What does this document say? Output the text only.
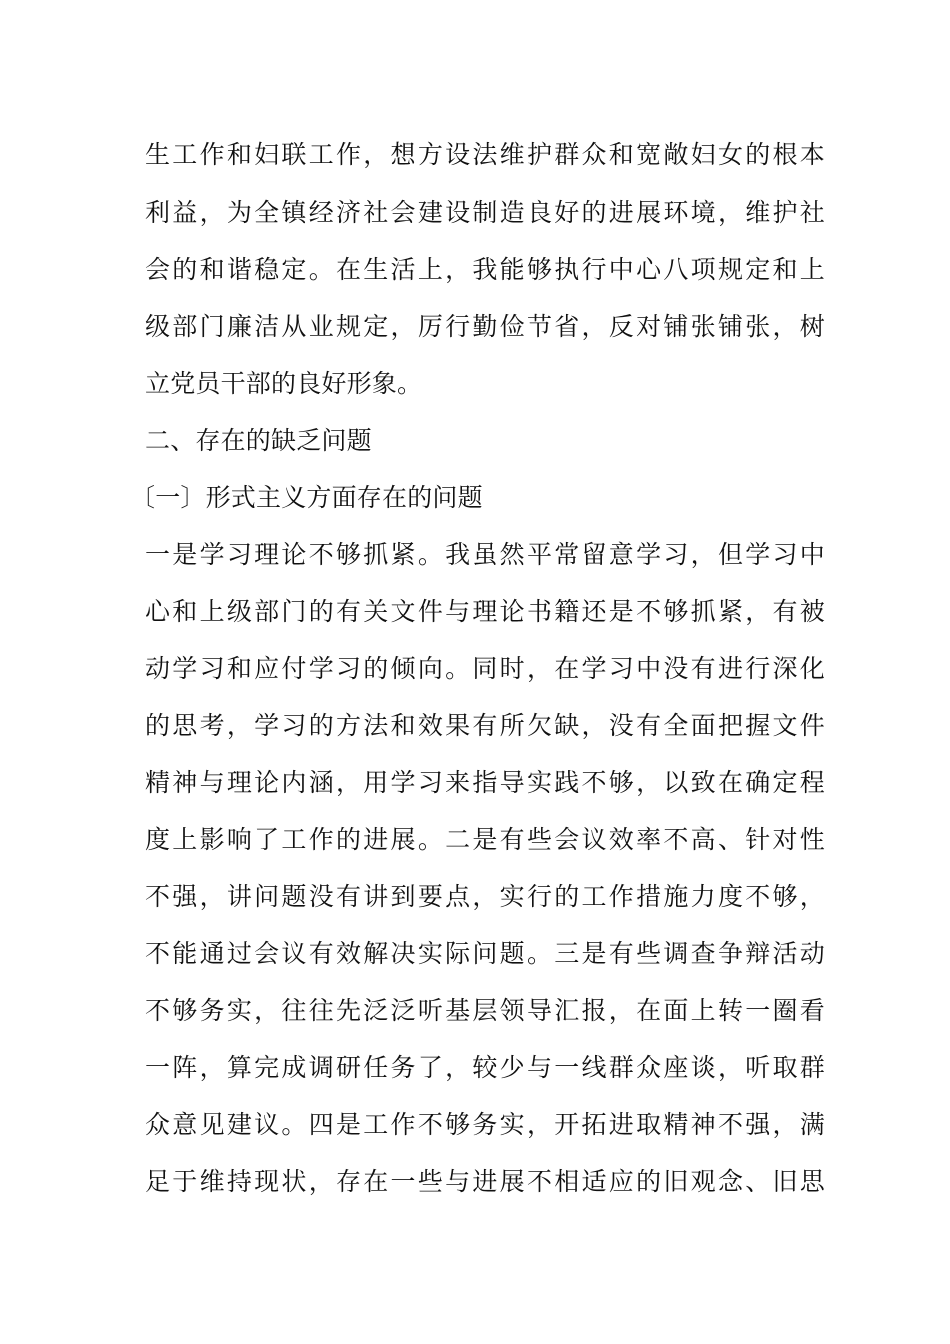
生工作和妇联工作，想方设法维护群众和宽敞妇女的根本
利益，为全镇经济社会建设制造良好的进展环境，维护社
会的和谐稳定。在生活上，我能够执行中心八项规定和上
级部门廉洁从业规定，厉行勤俭节省，反对铺张铺张，树
立党员干部的良好形象。
二、存在的缺乏问题
〔一〕形式主义方面存在的问题
一是学习理论不够抓紧。我虽然平常留意学习，但学习中
心和上级部门的有关文件与理论书籍还是不够抓紧，有被
动学习和应付学习的倾向。同时，在学习中没有进行深化
的思考，学习的方法和效果有所欠缺，没有全面把握文件
精神与理论内涵，用学习来指导实践不够，以致在确定程
度上影响了工作的进展。二是有些会议效率不高、针对性
不强，讲问题没有讲到要点，实行的工作措施力度不够，
不能通过会议有效解决实际问题。三是有些调查争辩活动
不够务实，往往先泛泛听基层领导汇报，在面上转一圈看
一阵，算完成调研任务了，较少与一线群众座谈，听取群
众意见建议。四是工作不够务实，开拓进取精神不强，满
足于维持现状，存在一些与进展不相适应的旧观念、旧思
